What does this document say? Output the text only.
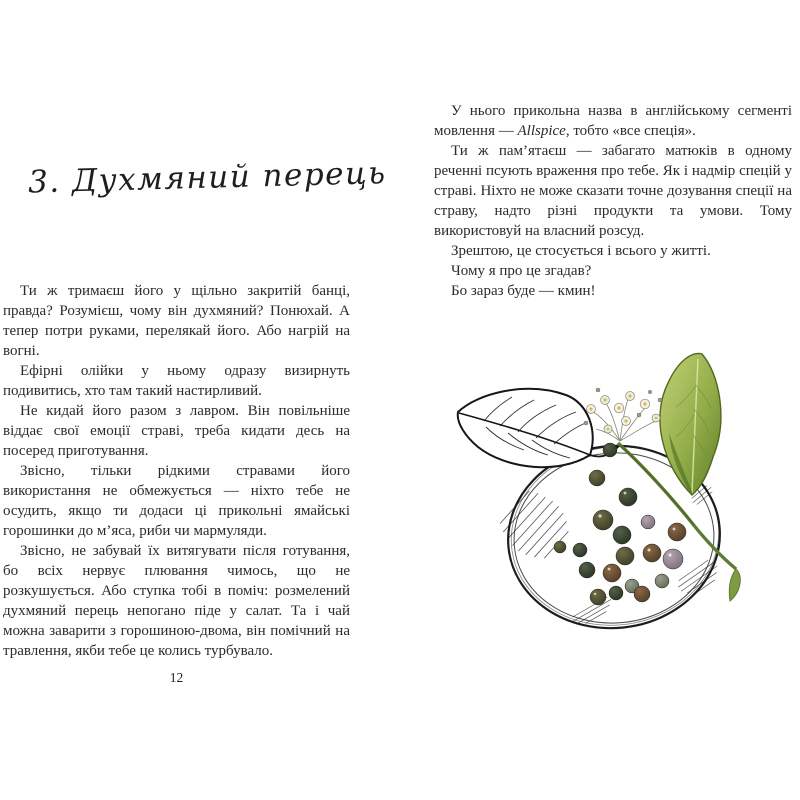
3. Духмяний перець

Ти ж тримаєш його у щільно закритій банці, правда? Розумієш, чому він духмяний? Понюхай. А тепер потри руками, перелякай його. Або нагрій на вогні.

Ефірні олійки у ньому одразу визирнуть подивитись, хто там такий настирливий.

Не кидай його разом з лавром. Він повільніше віддає свої емоції страві, треба кидати десь на посеред приготування.

Звісно, тільки рідкими стравами його використання не обмежується — ніхто тебе не осудить, якщо ти додаси ці прикольні ямайські горошинки до м’яса, риби чи мармуляди.

Звісно, не забувай їх витягувати після готування, бо всіх нервує плювання чимось, що не розкушується. Або ступка тобі в поміч: розмелений духмяний перець непогано піде у салат. Та і чай можна заварити з горошиною-двома, він помічний на травлення, якби тебе це колись турбувало.

12

У нього прикольна назва в англійському сегменті мовлення — Allspice, тобто «все спеція».

Ти ж пам’ятаєш — забагато матюків в одному реченні псують враження про тебе. Як і надмір спецій у страві. Ніхто не може сказати точне дозування спеції на страву, надто різні продукти та умови. Тому використовуй на власний розсуд.

Зрештою, це стосується і всього у житті.

Чому я про це згадав?

Бо зараз буде — кмин!
